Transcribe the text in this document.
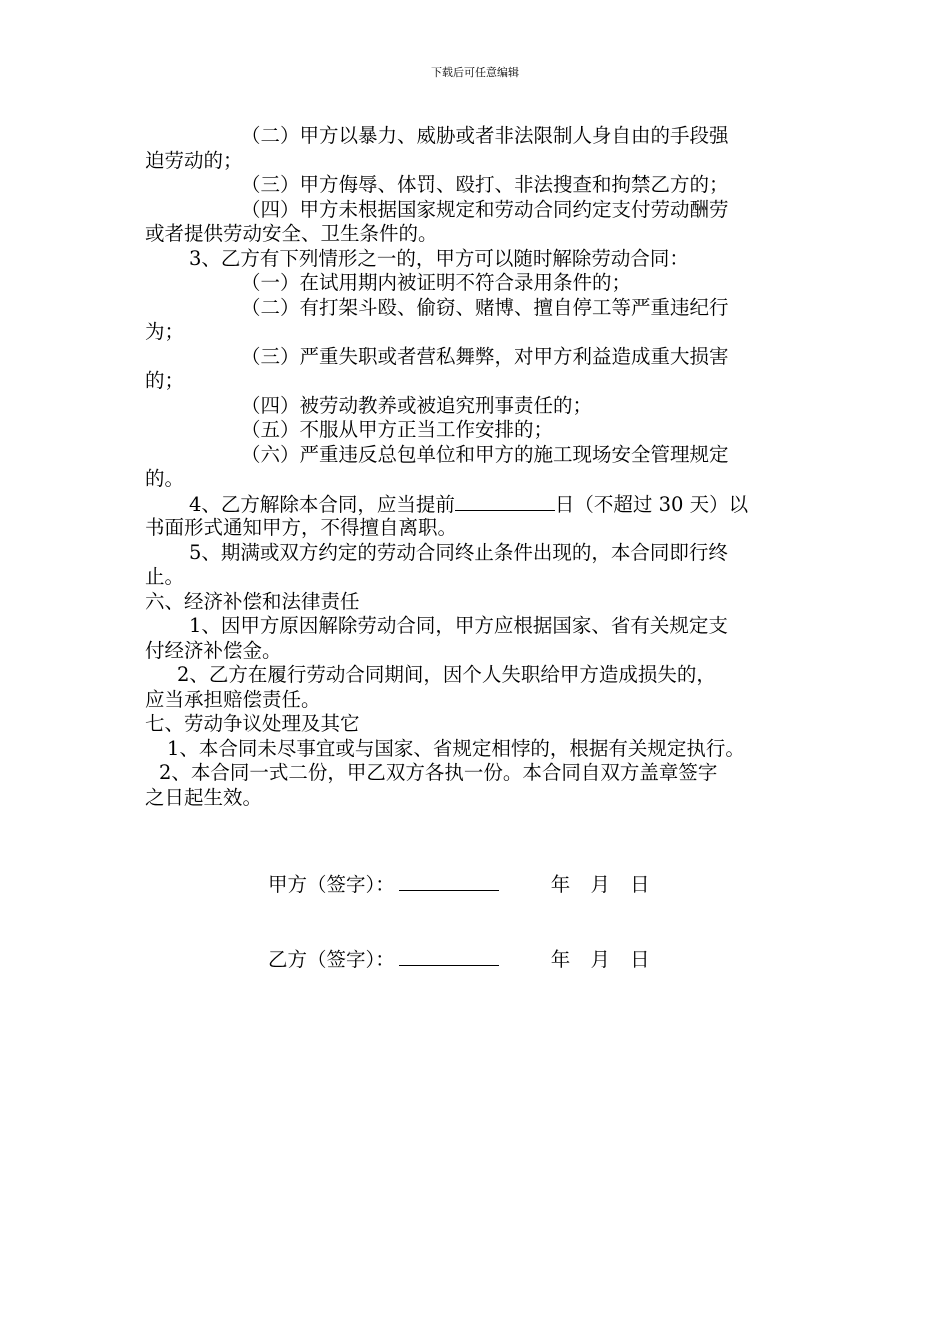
下载后可任意编辑
（二）甲方以暴力、威胁或者非法限制人身自由的手段强
迫劳动的；
（三）甲方侮辱、体罚、殴打、非法搜查和拘禁乙方的；
（四）甲方未根据国家规定和劳动合同约定支付劳动酬劳
或者提供劳动安全、卫生条件的。
3、乙方有下列情形之一的，甲方可以随时解除劳动合同：
（一）在试用期内被证明不符合录用条件的；
（二）有打架斗殴、偷窃、赌博、擅自停工等严重违纪行
为；
（三）严重失职或者营私舞弊，对甲方利益造成重大损害
的；
（四）被劳动教养或被追究刑事责任的；
（五）不服从甲方正当工作安排的；
（六）严重违反总包单位和甲方的施工现场安全管理规定
的。
4、乙方解除本合同，应当提前	日（不超过 30 天）以
书面形式通知甲方，不得擅自离职。
5、期满或双方约定的劳动合同终止条件出现的，本合同即行终
止。
六、经济补偿和法律责任
1、因甲方原因解除劳动合同，甲方应根据国家、省有关规定支
付经济补偿金。
2、乙方在履行劳动合同期间，因个人失职给甲方造成损失的，
应当承担赔偿责任。
七、劳动争议处理及其它
1、本合同未尽事宜或与国家、省规定相悖的，根据有关规定执行。
2、本合同一式二份，甲乙双方各执一份。本合同自双方盖章签字
之日起生效。
甲方（签字）：	年 月 日
乙方（签字）：	年 月 日
